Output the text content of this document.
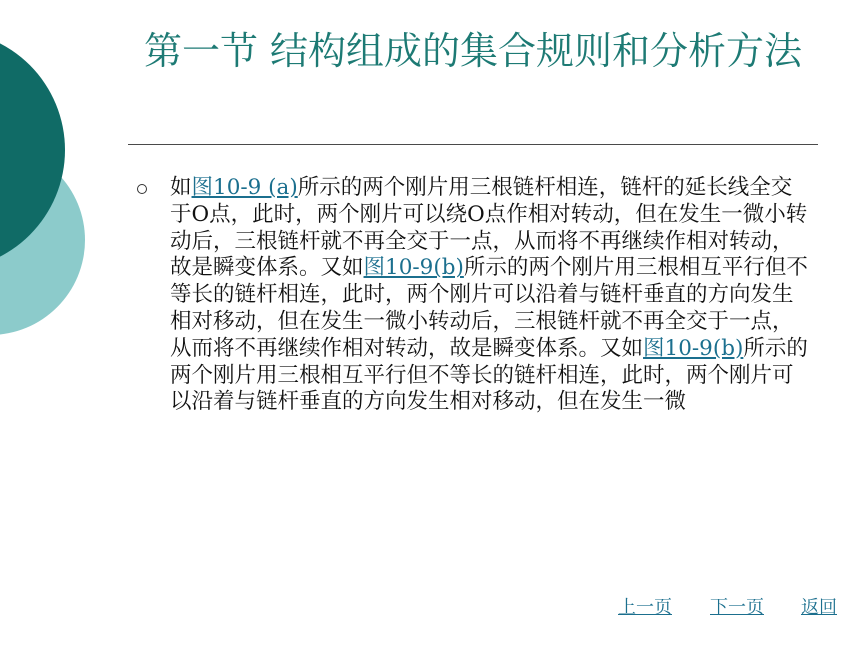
第一节 结构组成的集合规则和分析方法

如图10-9 (a)所示的两个刚片用三根链杆相连，链杆的延长线全交于O点，此时，两个刚片可以绕O点作相对转动，但在发生一微小转动后，三根链杆就不再全交于一点，从而将不再继续作相对转动，故是瞬变体系。又如图10-9(b)所示的两个刚片用三根相互平行但不等长的链杆相连，此时，两个刚片可以沿着与链杆垂直的方向发生相对移动，但在发生一微小转动后，三根链杆就不再全交于一点，从而将不再继续作相对转动，故是瞬变体系。又如图10-9(b)所示的两个刚片用三根相互平行但不等长的链杆相连，此时，两个刚片可以沿着与链杆垂直的方向发生相对移动，但在发生一微

上一页 下一页 返回
